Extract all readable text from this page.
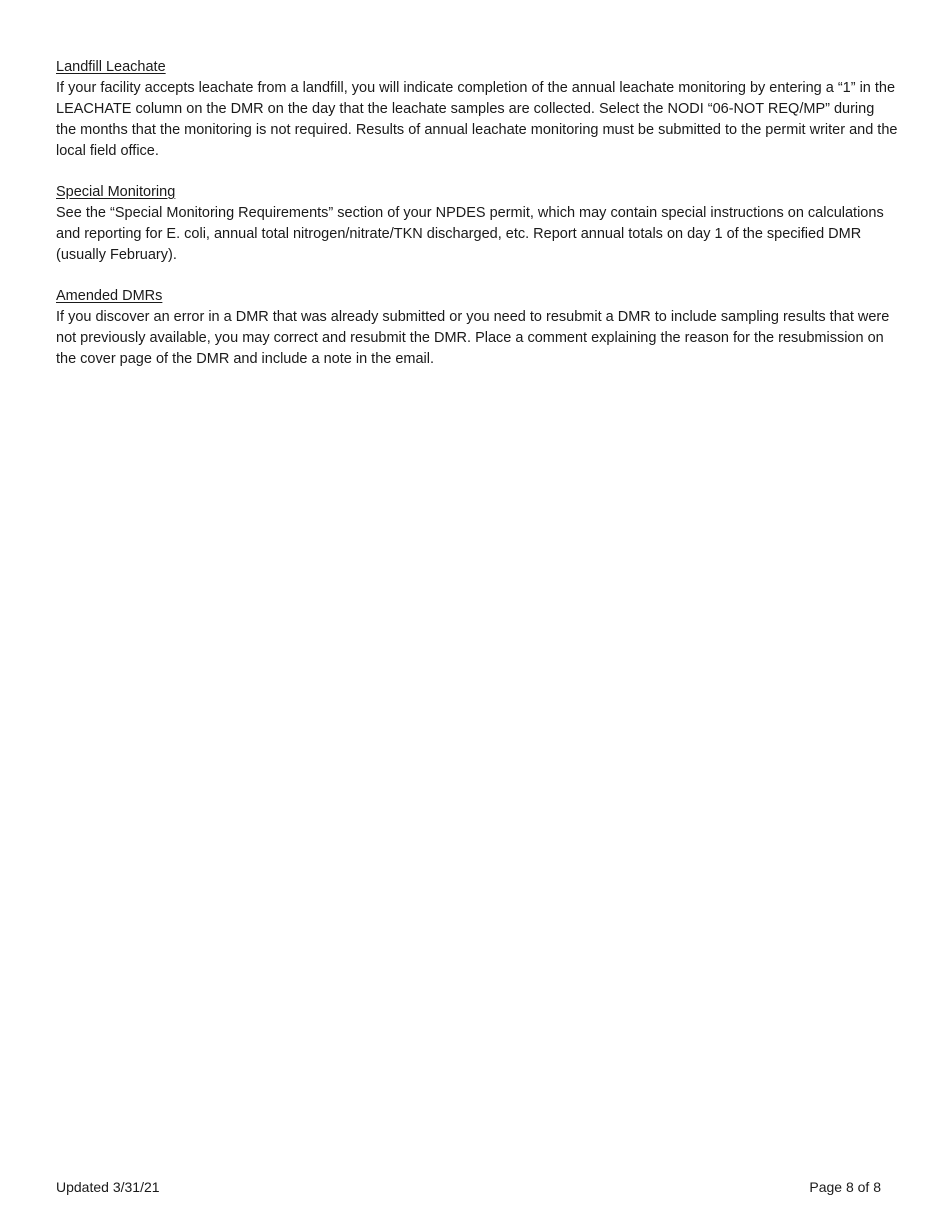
Landfill Leachate

If your facility accepts leachate from a landfill, you will indicate completion of the annual leachate monitoring by entering a “1” in the LEACHATE column on the DMR on the day that the leachate samples are collected. Select the NODI “06-NOT REQ/MP” during the months that the monitoring is not required. Results of annual leachate monitoring must be submitted to the permit writer and the local field office.

Special Monitoring

See the “Special Monitoring Requirements” section of your NPDES permit, which may contain special instructions on calculations and reporting for E. coli, annual total nitrogen/nitrate/TKN discharged, etc. Report annual totals on day 1 of the specified DMR (usually February).

Amended DMRs

If you discover an error in a DMR that was already submitted or you need to resubmit a DMR to include sampling results that were not previously available, you may correct and resubmit the DMR. Place a comment explaining the reason for the resubmission on the cover page of the DMR and include a note in the email.

Updated 3/31/21	Page 8 of 8
